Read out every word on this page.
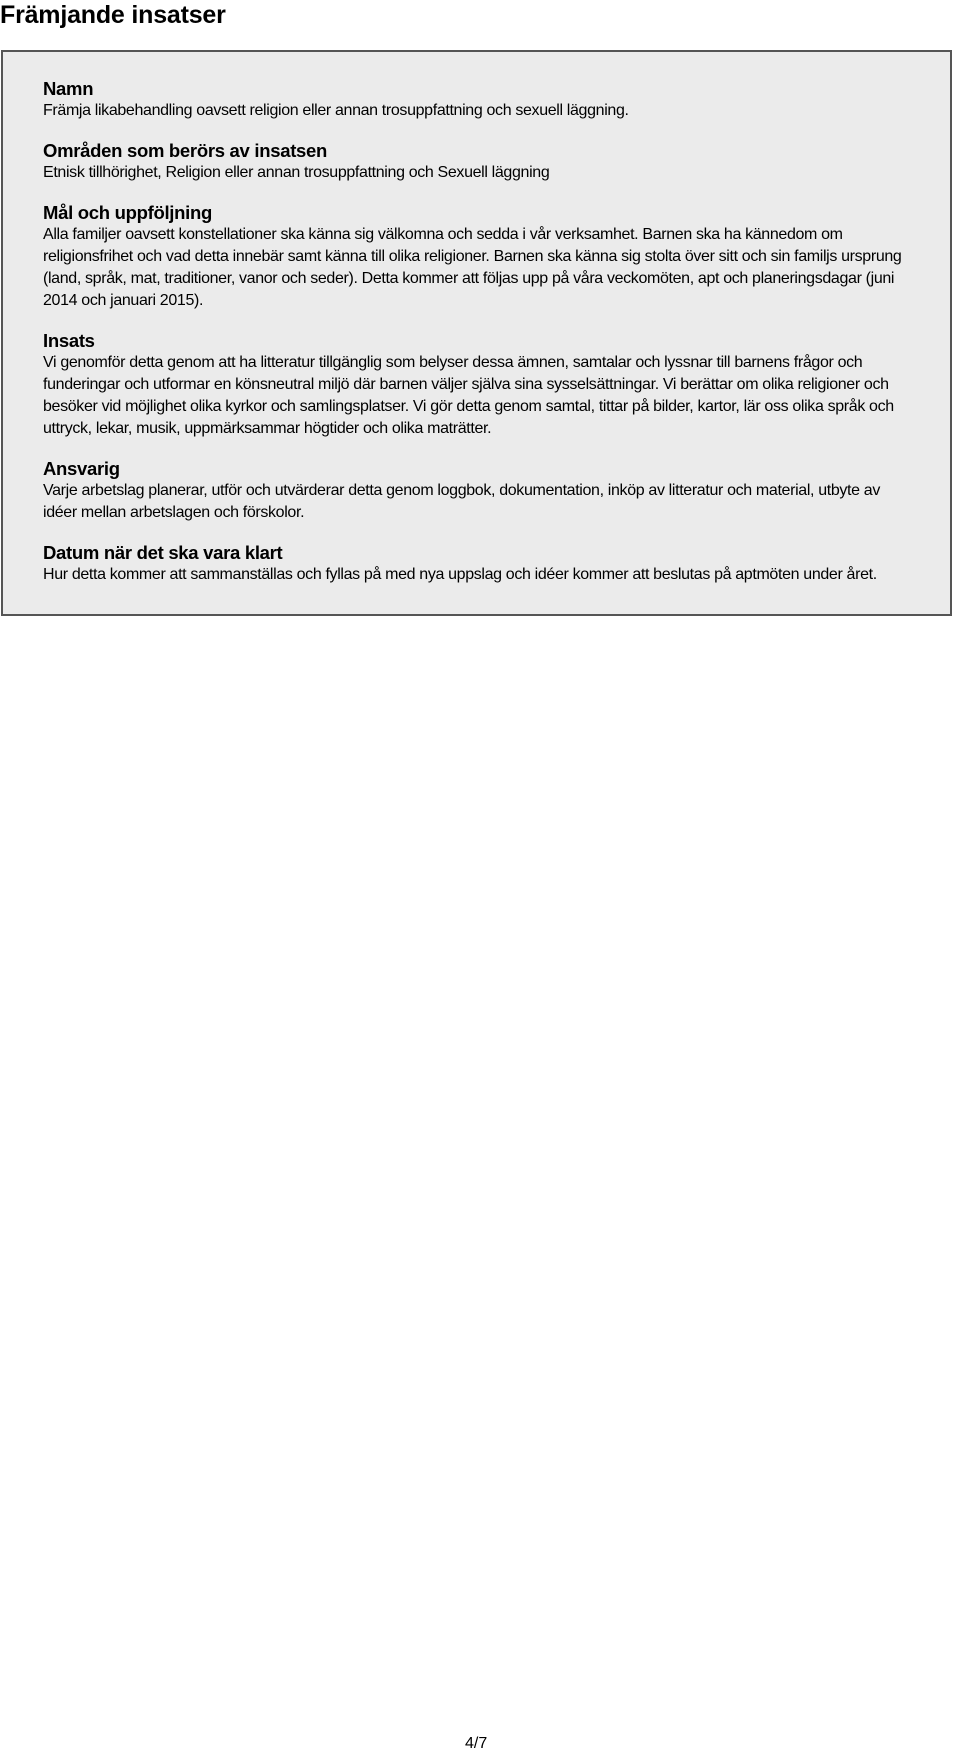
Främjande insatser

Namn

Främja likabehandling oavsett religion eller annan trosuppfattning och sexuell läggning.

Områden som berörs av insatsen

Etnisk tillhörighet, Religion eller annan trosuppfattning och Sexuell läggning

Mål och uppföljning

Alla familjer oavsett konstellationer ska känna sig välkomna och sedda i vår verksamhet. Barnen ska ha kännedom om religionsfrihet och vad detta innebär samt känna till olika religioner. Barnen ska känna sig stolta över sitt och sin familjs ursprung (land, språk, mat, traditioner, vanor och seder). Detta kommer att följas upp på våra veckomöten, apt och planeringsdagar (juni 2014 och januari 2015).

Insats

Vi genomför detta genom att ha litteratur tillgänglig som belyser dessa ämnen, samtalar och lyssnar till barnens frågor och funderingar och utformar en könsneutral miljö där barnen väljer själva sina sysselsättningar. Vi berättar om olika religioner och besöker vid möjlighet olika kyrkor och samlingsplatser. Vi gör detta genom samtal, tittar på bilder, kartor, lär oss olika språk och uttryck, lekar, musik, uppmärksammar högtider och olika maträtter.

Ansvarig

Varje arbetslag planerar, utför och utvärderar detta genom loggbok, dokumentation, inköp av litteratur och material, utbyte av idéer mellan arbetslagen och förskolor.

Datum när det ska vara klart

Hur detta kommer att sammanställas och fyllas på med nya uppslag och idéer kommer att beslutas på aptmöten under året.

4/7
